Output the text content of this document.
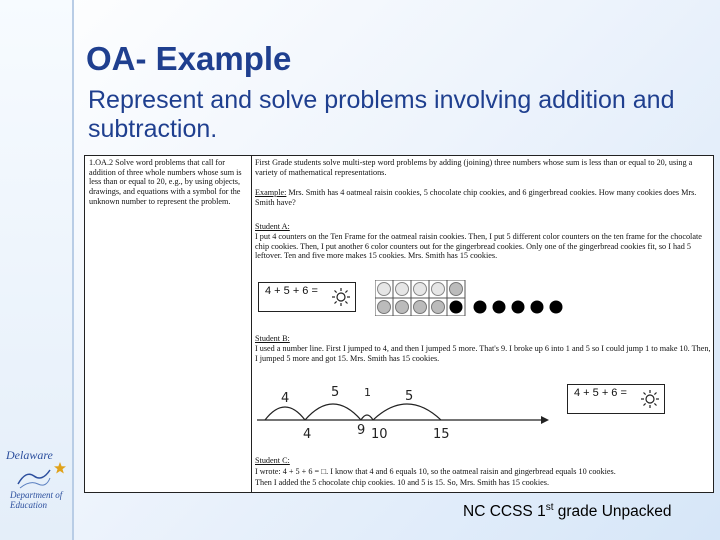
Delaware
Department of Education
OA- Example

Represent and solve problems involving addition and subtraction.

1.OA.2 Solve word problems that call for addition of three whole numbers whose sum is less than or equal to 20, e.g., by using objects, drawings, and equations with a symbol for the unknown number to represent the problem.

First Grade students solve multi-step word problems by adding (joining) three numbers whose sum is less than or equal to 20, using a variety of mathematical representations.

Example: Mrs. Smith has 4 oatmeal raisin cookies, 5 chocolate chip cookies, and 6 gingerbread cookies. How many cookies does Mrs. Smith have?

Student A:

I put 4 counters on the Ten Frame for the oatmeal raisin cookies. Then, I put 5 different color counters on the ten frame for the chocolate chip cookies. Then, I put another 6 color counters out for the gingerbread cookies. Only one of the gingerbread cookies fit, so I had 5 leftover. Ten and five more makes 15 cookies. Mrs. Smith has 15 cookies.

4 + 5 + 6 =

Student B:

I used a number line. First I jumped to 4, and then I jumped 5 more. That's 9. I broke up 6 into 1 and 5 so I could jump 1 to make 10. Then, I jumped 5 more and got 15. Mrs. Smith has 15 cookies.

4 + 5 + 6 =
4	5 1	5
4	9 10	15

Student C:

I wrote: 4 + 5 + 6 = □. I know that 4 and 6 equals 10, so the oatmeal raisin and gingerbread equals 10 cookies.

Then I added the 5 chocolate chip cookies. 10 and 5 is 15. So, Mrs. Smith has 15 cookies.

NC CCSS 1st grade Unpacked
